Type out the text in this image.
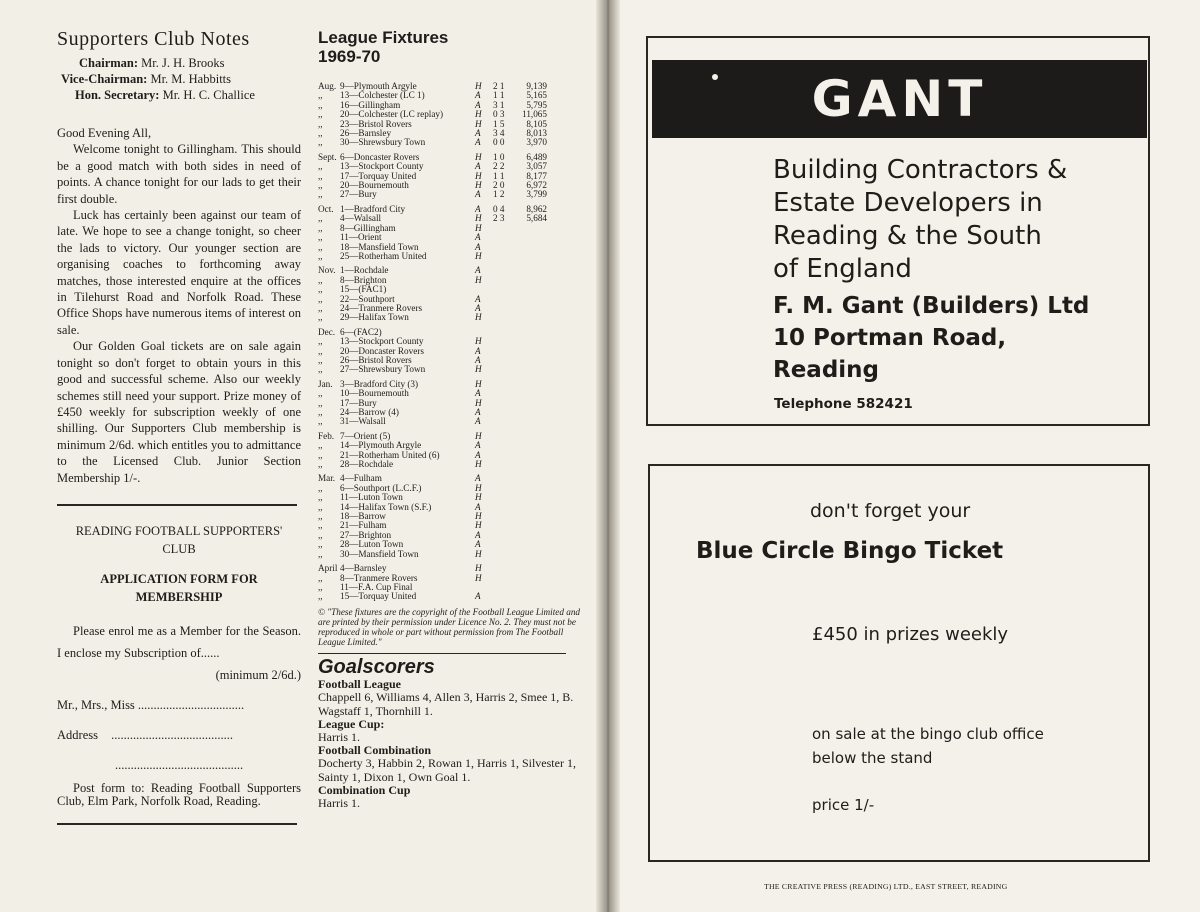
Supporters Club Notes
Chairman: Mr. J. H. Brooks
Vice-Chairman: Mr. M. Habbitts
Hon. Secretary: Mr. H. C. Challice

Good Evening All,

Welcome tonight to Gillingham. This should be a good match with both sides in need of points. A chance tonight for our lads to get their first double.

Luck has certainly been against our team of late. We hope to see a change tonight, so cheer the lads to victory. Our younger section are organising coaches to forthcoming away matches, those interested enquire at the offices in Tilehurst Road and Norfolk Road. These Office Shops have numerous items of interest on sale.

Our Golden Goal tickets are on sale again tonight so don't forget to obtain yours in this good and successful scheme. Also our weekly schemes still need your support. Prize money of £450 weekly for subscription weekly of one shilling. Our Supporters Club membership is minimum 2/6d. which entitles you to admittance to the Licensed Club. Junior Section Membership 1/-.

READING FOOTBALL SUPPORTERS'
CLUB
APPLICATION FORM FOR
MEMBERSHIP
Please enrol me as a Member for the Season. I enclose my Subscription of......
(minimum 2/6d.)
Mr., Mrs., Miss ..................................
Address .......................................
.........................................
Post form to: Reading Football Supporters Club, Elm Park, Norfolk Road, Reading.
League Fixtures
1969-70
Aug. 9—Plymouth Argyle	H	2 1	9,139
,,	13—Colchester (LC 1)	A	1 1	5,165
,,	16—Gillingham	A	3 1	5,795
,,	20—Colchester (LC replay)	H	0 3	11,065
,,	23—Bristol Rovers	H	1 5	8,105
,,	26—Barnsley	A	3 4	8,013
,,	30—Shrewsbury Town	A	0 0	3,970
Sept. 6—Doncaster Rovers	H	1 0	6,489
,,	13—Stockport County	A	2 2	3,057
,,	17—Torquay United	H	1 1	8,177
,,	20—Bournemouth	H	2 0	6,972
,,	27—Bury	A	1 2	3,799
Oct. 1—Bradford City	A	0 4	8,962
,,	4—Walsall	H	2 3	5,684
,,	8—Gillingham	H
,,	11—Orient	A
,,	18—Mansfield Town	A
,,	25—Rotherham United	H
Nov. 1—Rochdale	A
,,	8—Brighton	H
,,	15—(FAC1)
,,	22—Southport	A
,,	24—Tranmere Rovers	A
,,	29—Halifax Town	H
Dec. 6—(FAC2)
,,	13—Stockport County	H
,,	20—Doncaster Rovers	A
,,	26—Bristol Rovers	A
,,	27—Shrewsbury Town	H
Jan. 3—Bradford City (3)	H
,,	10—Bournemouth	A
,,	17—Bury	H
,,	24—Barrow (4)	A
,,	31—Walsall	A
Feb. 7—Orient (5)	H
,,	14—Plymouth Argyle	A
,,	21—Rotherham United (6)	A
,,	28—Rochdale	H
Mar. 4—Fulham	A
,,	6—Southport (L.C.F.)	H
,,	11—Luton Town	H
,,	14—Halifax Town (S.F.)	A
,,	18—Barrow	H
,,	21—Fulham	H
,,	27—Brighton	A
,,	28—Luton Town	A
,,	30—Mansfield Town	H
April 4—Barnsley	H
,,	8—Tranmere Rovers	H
,,	11—F.A. Cup Final
,,	15—Torquay United	A
© "These fixtures are the copyright of the Football League Limited and are printed by their permission under Licence No. 2. They must not be reproduced in whole or part without permission from The Football League Limited."
Goalscorers
Football League
Chappell 6, Williams 4, Allen 3, Harris 2, Smee 1, B. Wagstaff 1, Thornhill 1.
League Cup:
Harris 1.
Football Combination
Docherty 3, Habbin 2, Rowan 1, Harris 1, Silvester 1, Sainty 1, Dixon 1, Own Goal 1.
Combination Cup
Harris 1.
GANT
Building Contractors &
Estate Developers in
Reading & the South
of England
F. M. Gant (Builders) Ltd
10 Portman Road,
Reading
Telephone 582421
don't forget your
Blue Circle Bingo Ticket
£450 in prizes weekly
on sale at the bingo club office
below the stand
price 1/-
THE CREATIVE PRESS (READING) LTD., EAST STREET, READING
